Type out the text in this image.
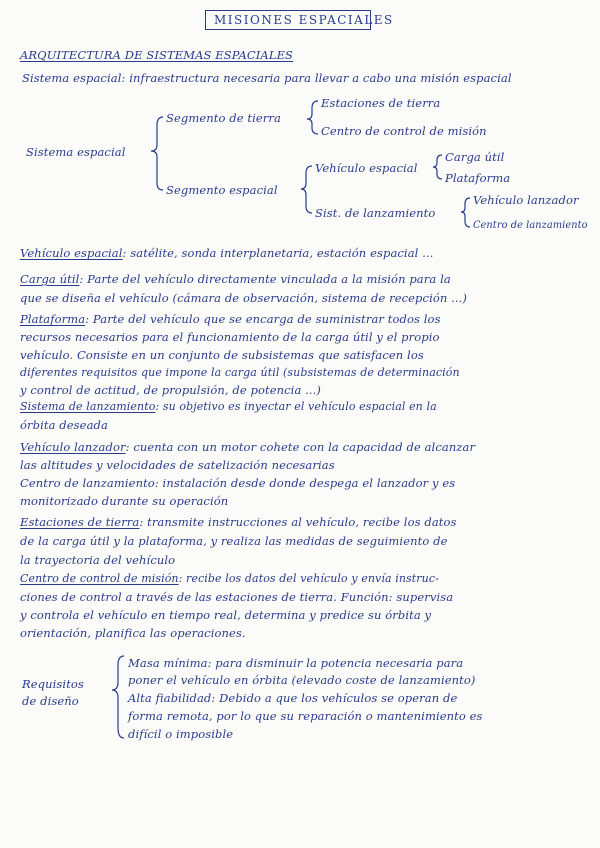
MISIONES ESPACIALES
ARQUITECTURA DE SISTEMAS ESPACIALES
Sistema espacial: infraestructura necesaria para llevar a cabo una misión espacial
Sistema espacial
Segmento de tierra
Estaciones de tierra
Centro de control de misión
Segmento espacial
Vehículo espacial
Carga útil
Plataforma
Sist. de lanzamiento
Vehículo lanzador
Centro de lanzamiento
Vehículo espacial: satélite, sonda interplanetaria, estación espacial ...
Carga útil: Parte del vehículo directamente vinculada a la misión para la
que se diseña el vehículo (cámara de observación, sistema de recepción ...)
Plataforma: Parte del vehículo que se encarga de suministrar todos los
recursos necesarios para el funcionamiento de la carga útil y el propio
vehículo. Consiste en un conjunto de subsistemas que satisfacen los
diferentes requisitos que impone la carga útil (subsistemas de determinación
y control de actitud, de propulsión, de potencia ...)
Sistema de lanzamiento: su objetivo es inyectar el vehículo espacial en la
órbita deseada
Vehículo lanzador: cuenta con un motor cohete con la capacidad de alcanzar
las altitudes y velocidades de satelización necesarias
Centro de lanzamiento: instalación desde donde despega el lanzador y es
monitorizado durante su operación
Estaciones de tierra: transmite instrucciones al vehículo, recibe los datos
de la carga útil y la plataforma, y realiza las medidas de seguimiento de
la trayectoria del vehículo
Centro de control de misión: recibe los datos del vehículo y envía instruc-
ciones de control a través de las estaciones de tierra. Función: supervisa
y controla el vehículo en tiempo real, determina y predice su órbita y
orientación, planifica las operaciones.
Requisitos
de diseño
Masa mínima: para disminuir la potencia necesaria para
poner el vehículo en órbita (elevado coste de lanzamiento)
Alta fiabilidad: Debido a que los vehículos se operan de
forma remota, por lo que su reparación o mantenimiento es
difícil o imposible
